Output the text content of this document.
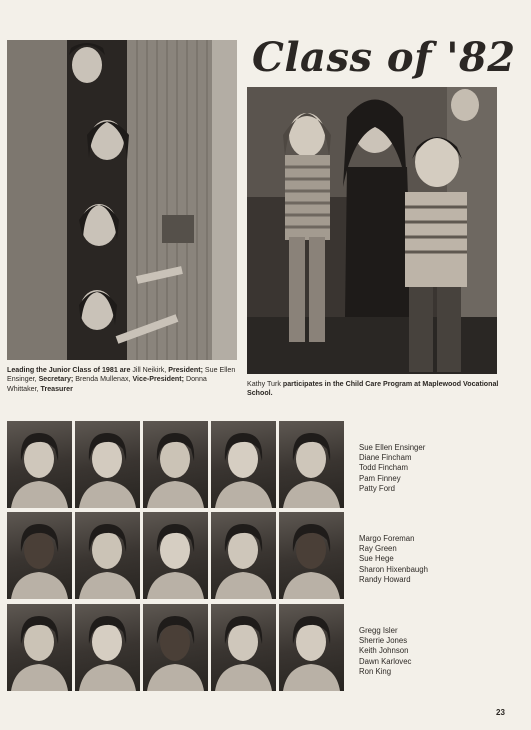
Class of '82
Leading the Junior Class of 1981 are Jill Neikirk, President; Sue Ellen Ensinger, Secretary; Brenda Mullenax, Vice-President; Donna Whittaker, Treasurer
Kathy Turk participates in the Child Care Program at Maplewood Vocational School.
Sue Ellen Ensinger
Diane Fincham
Todd Fincham
Pam Finney
Patty Ford
Margo Foreman
Ray Green
Sue Hege
Sharon Hixenbaugh
Randy Howard
Gregg Isler
Sherrie Jones
Keith Johnson
Dawn Karlovec
Ron King
23
